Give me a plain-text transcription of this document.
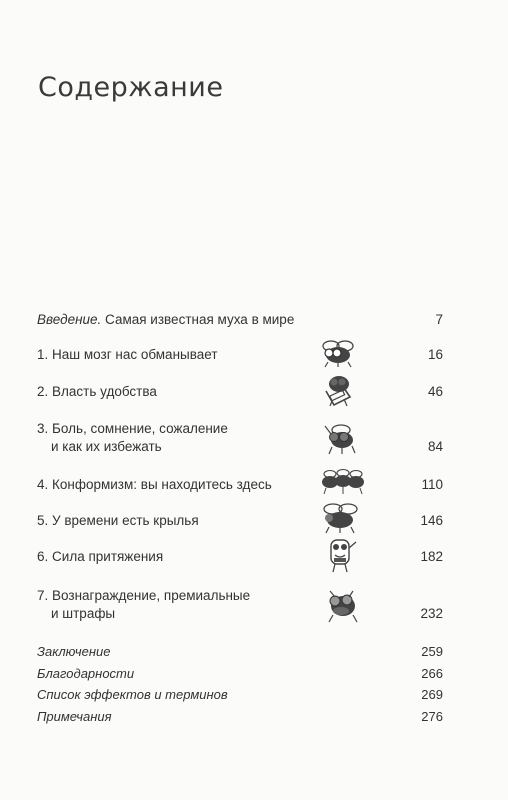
Содержание
Введение. Самая известная муха в мире	7
1. Наш мозг нас обманывает	16
2. Власть удобства	46
3. Боль, сомнение, сожаление
и как их избежать	84
4. Конформизм: вы находитесь здесь	110
5. У времени есть крылья	146
6. Сила притяжения	182
7. Вознаграждение, премиальные
и штрафы	232
Заключение	259
Благодарности	266
Список эффектов и терминов	269
Примечания	276
